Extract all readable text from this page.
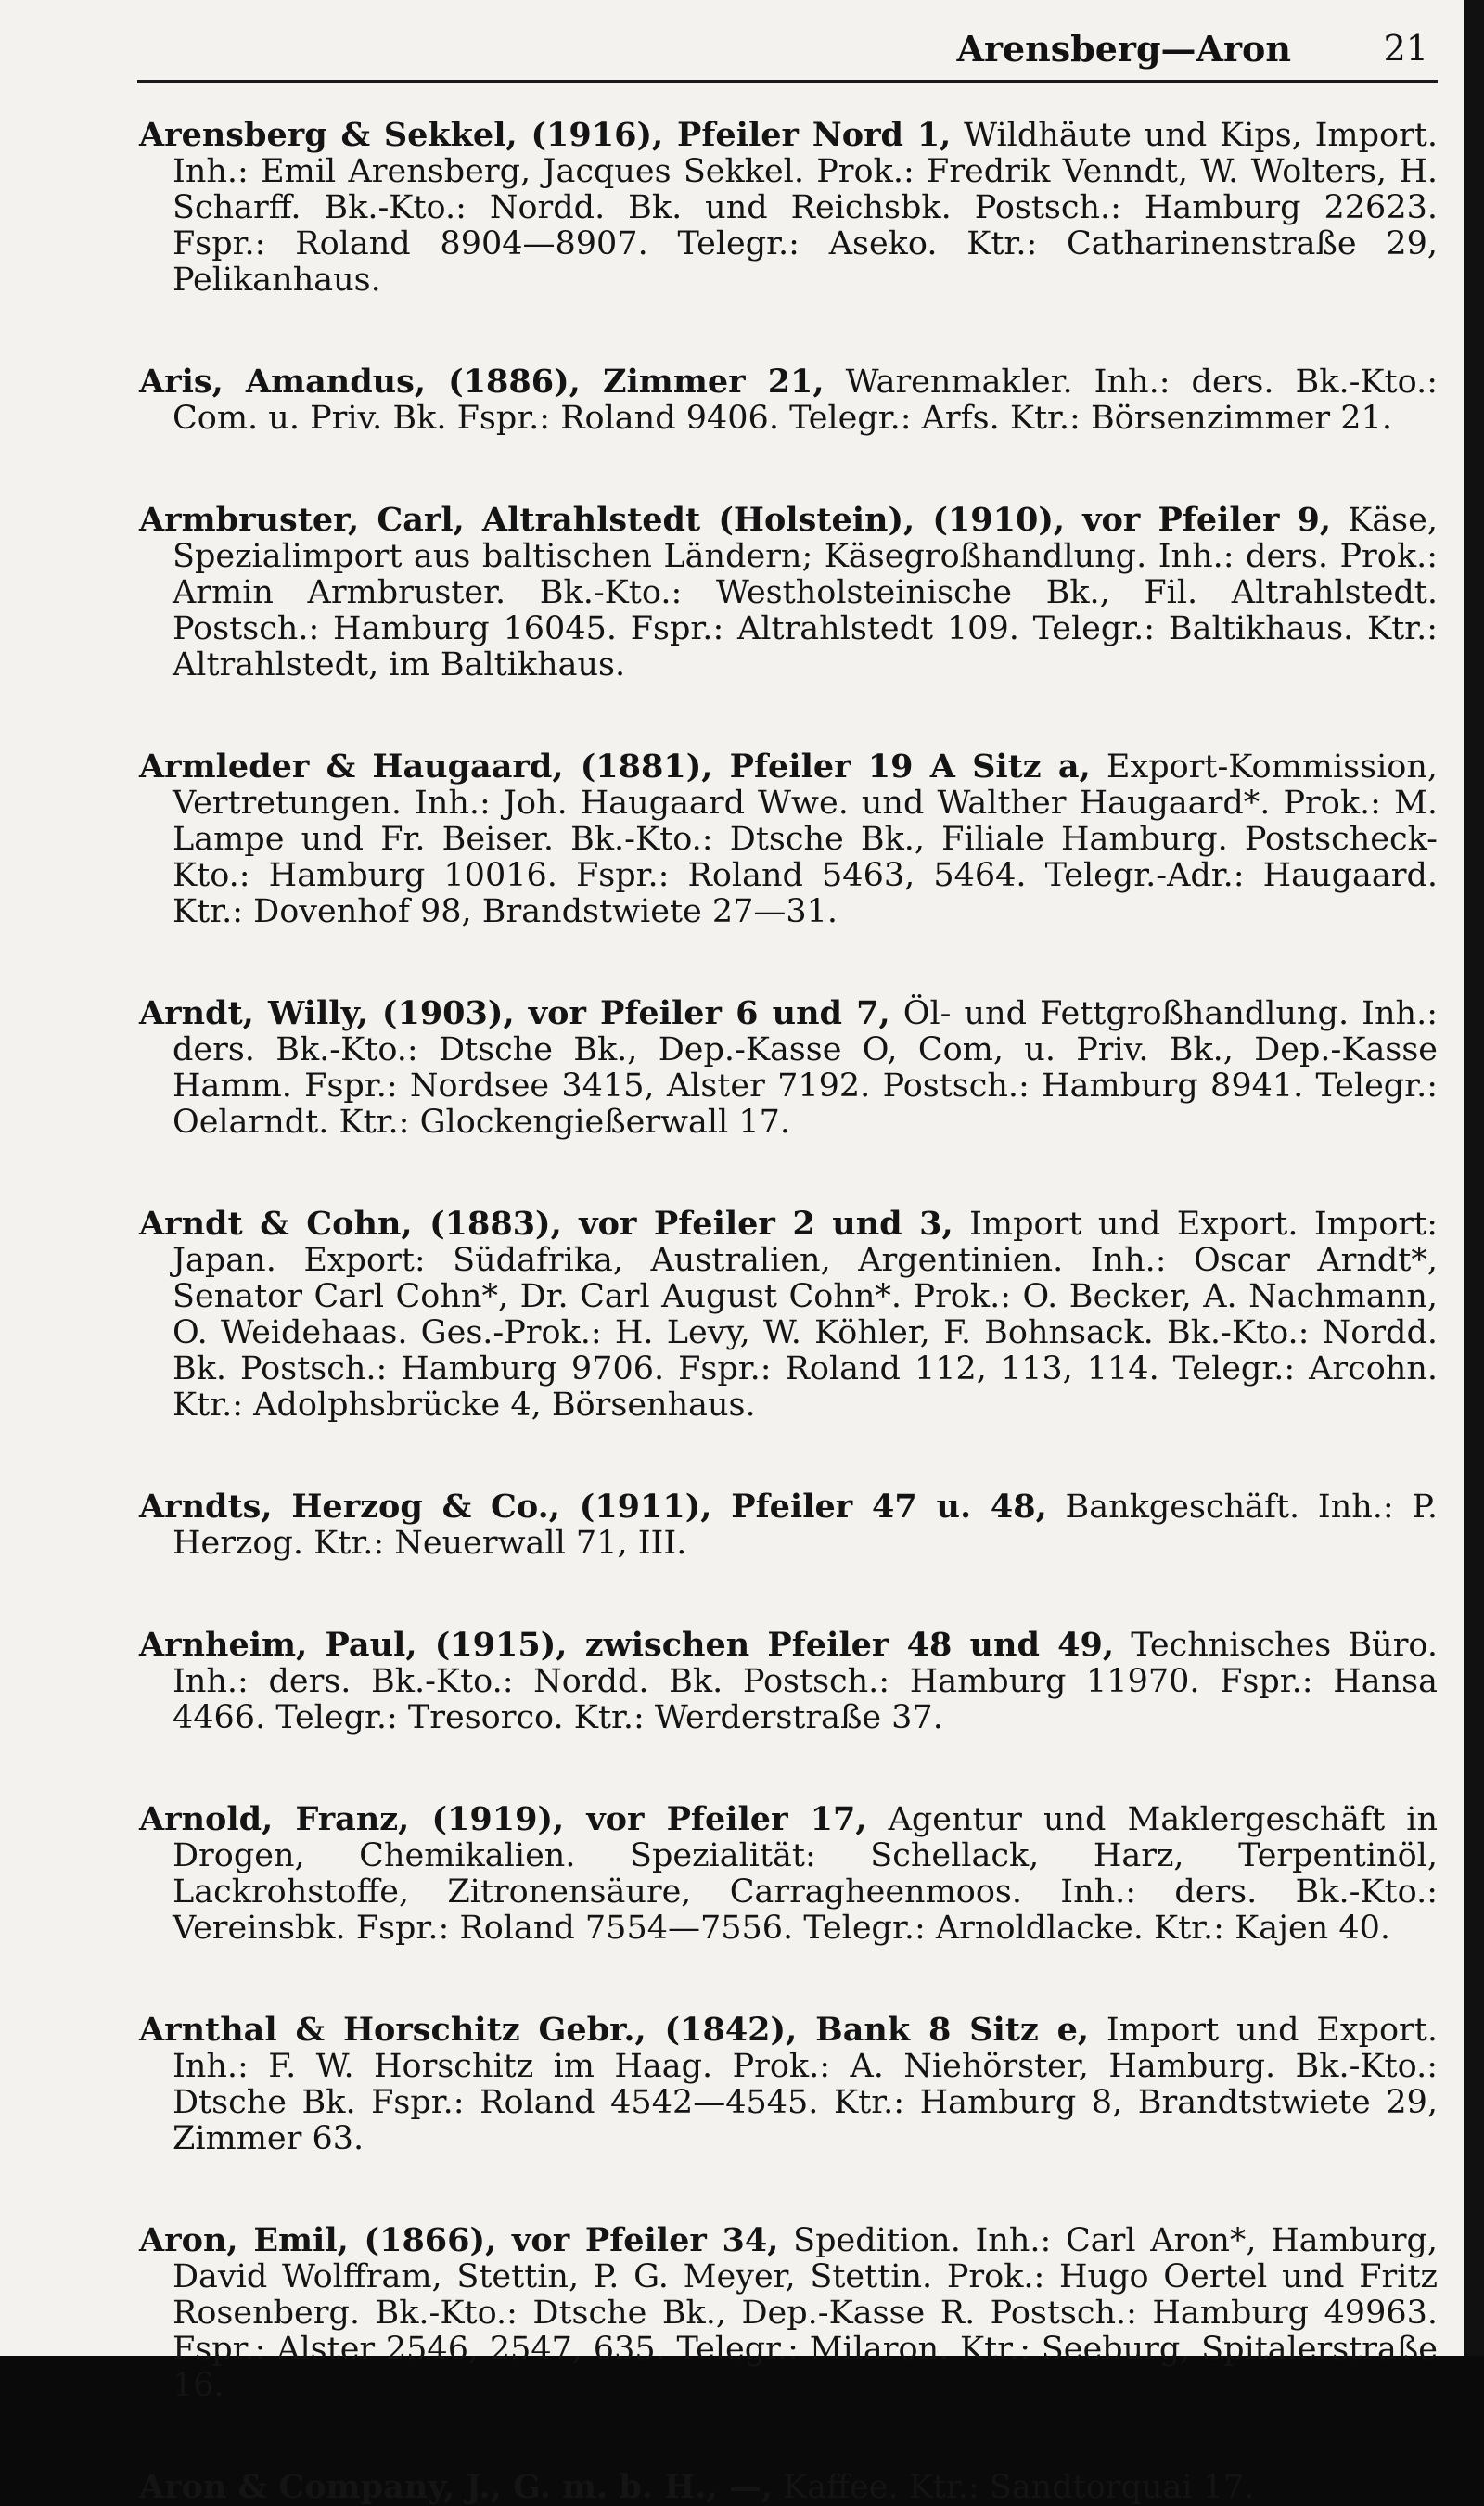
Arensberg—Aron	21

Arensberg & Sekkel, (1916), Pfeiler Nord 1, Wildhäute und Kips, Import. Inh.: Emil Arensberg, Jacques Sekkel. Prok.: Fredrik Venndt, W. Wolters, H. Scharff. Bk.-Kto.: Nordd. Bk. und Reichsbk. Postsch.: Hamburg 22623. Fspr.: Roland 8904—8907. Telegr.: Aseko. Ktr.: Catharinenstraße 29, Pelikanhaus.

Aris, Amandus, (1886), Zimmer 21, Warenmakler. Inh.: ders. Bk.-Kto.: Com. u. Priv. Bk. Fspr.: Roland 9406. Telegr.: Arfs. Ktr.: Börsenzimmer 21.

Armbruster, Carl, Altrahlstedt (Holstein), (1910), vor Pfeiler 9, Käse, Spezialimport aus baltischen Ländern; Käsegroßhandlung. Inh.: ders. Prok.: Armin Armbruster. Bk.-Kto.: Westholsteinische Bk., Fil. Altrahlstedt. Postsch.: Hamburg 16045. Fspr.: Altrahlstedt 109. Telegr.: Baltikhaus. Ktr.: Altrahlstedt, im Baltikhaus.

Armleder & Haugaard, (1881), Pfeiler 19 A Sitz a, Export-Kommission, Vertretungen. Inh.: Joh. Haugaard Wwe. und Walther Haugaard*. Prok.: M. Lampe und Fr. Beiser. Bk.-Kto.: Dtsche Bk., Filiale Hamburg. Postscheck-Kto.: Hamburg 10016. Fspr.: Roland 5463, 5464. Telegr.-Adr.: Haugaard. Ktr.: Dovenhof 98, Brandstwiete 27—31.

Arndt, Willy, (1903), vor Pfeiler 6 und 7, Öl- und Fettgroßhandlung. Inh.: ders. Bk.-Kto.: Dtsche Bk., Dep.-Kasse O, Com, u. Priv. Bk., Dep.-Kasse Hamm. Fspr.: Nordsee 3415, Alster 7192. Postsch.: Hamburg 8941. Telegr.: Oelarndt. Ktr.: Glockengießerwall 17.

Arndt & Cohn, (1883), vor Pfeiler 2 und 3, Import und Export. Import: Japan. Export: Südafrika, Australien, Argentinien. Inh.: Oscar Arndt*, Senator Carl Cohn*, Dr. Carl August Cohn*. Prok.: O. Becker, A. Nachmann, O. Weidehaas. Ges.-Prok.: H. Levy, W. Köhler, F. Bohnsack. Bk.-Kto.: Nordd. Bk. Postsch.: Hamburg 9706. Fspr.: Roland 112, 113, 114. Telegr.: Arcohn. Ktr.: Adolphsbrücke 4, Börsenhaus.

Arndts, Herzog & Co., (1911), Pfeiler 47 u. 48, Bankgeschäft. Inh.: P. Herzog. Ktr.: Neuerwall 71, III.

Arnheim, Paul, (1915), zwischen Pfeiler 48 und 49, Technisches Büro. Inh.: ders. Bk.-Kto.: Nordd. Bk. Postsch.: Hamburg 11970. Fspr.: Hansa 4466. Telegr.: Tresorco. Ktr.: Werderstraße 37.

Arnold, Franz, (1919), vor Pfeiler 17, Agentur und Maklergeschäft in Drogen, Chemikalien. Spezialität: Schellack, Harz, Terpentinöl, Lackrohstoffe, Zitronensäure, Carragheenmoos. Inh.: ders. Bk.-Kto.: Vereinsbk. Fspr.: Roland 7554—7556. Telegr.: Arnoldlacke. Ktr.: Kajen 40.

Arnthal & Horschitz Gebr., (1842), Bank 8 Sitz e, Import und Export. Inh.: F. W. Horschitz im Haag. Prok.: A. Niehörster, Hamburg. Bk.-Kto.: Dtsche Bk. Fspr.: Roland 4542—4545. Ktr.: Hamburg 8, Brandtstwiete 29, Zimmer 63.

Aron, Emil, (1866), vor Pfeiler 34, Spedition. Inh.: Carl Aron*, Hamburg, David Wolffram, Stettin, P. G. Meyer, Stettin. Prok.: Hugo Oertel und Fritz Rosenberg. Bk.-Kto.: Dtsche Bk., Dep.-Kasse R. Postsch.: Hamburg 49963. Fspr.: Alster 2546, 2547, 635. Telegr.: Milaron. Ktr.: Seeburg, Spitalerstraße 16.

Aron & Company, J., G. m. b. H., —, Kaffee. Ktr.: Sandtorquai 17.
